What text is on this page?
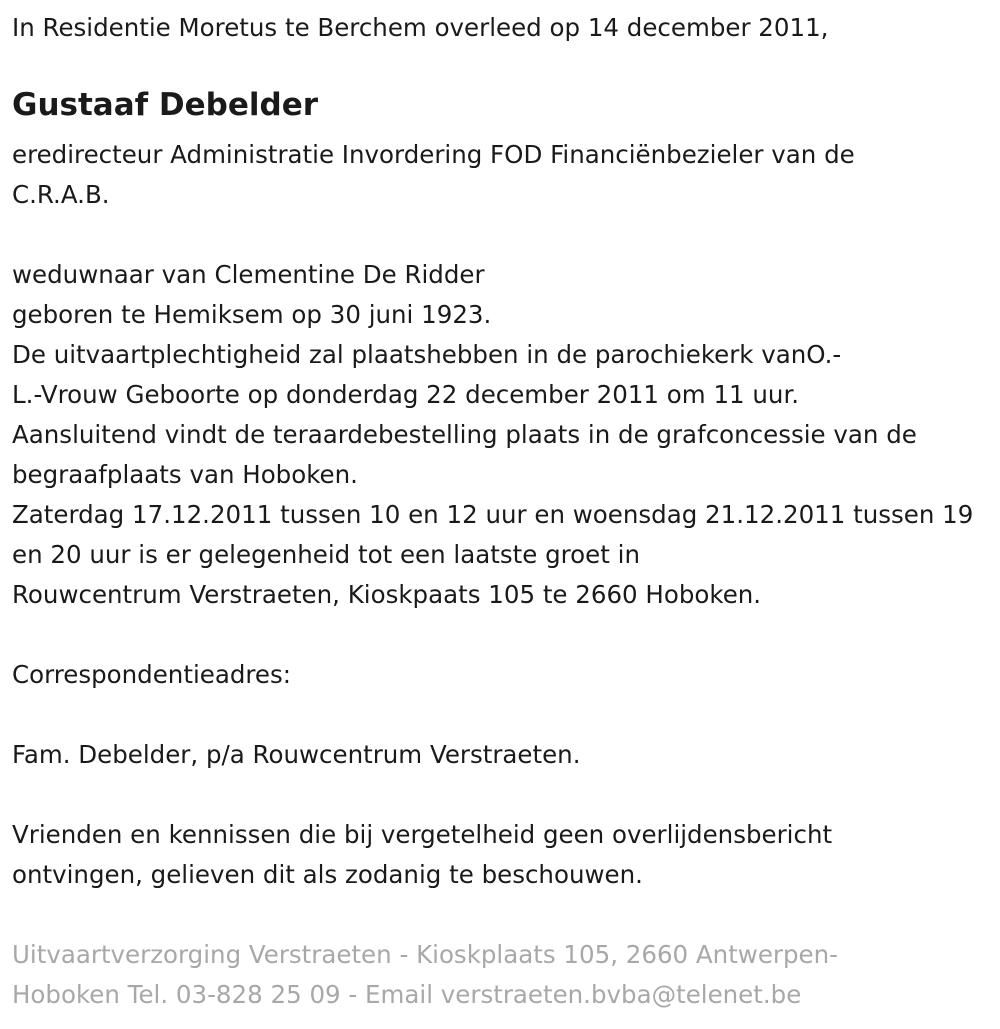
In Residentie Moretus te Berchem overleed op 14 december 2011,
Gustaaf Debelder
eredirecteur Administratie Invordering FOD Financiënbezieler van de
C.R.A.B.
weduwnaar van Clementine De Ridder
geboren te Hemiksem op 30 juni 1923.
De uitvaartplechtigheid zal plaatshebben in de parochiekerk vanO.-
L.-Vrouw Geboorte op donderdag 22 december 2011 om 11 uur.
Aansluitend vindt de teraardebestelling plaats in de grafconcessie van de
begraafplaats van Hoboken.
Zaterdag 17.12.2011 tussen 10 en 12 uur en woensdag 21.12.2011 tussen 19
en 20 uur is er gelegenheid tot een laatste groet in
Rouwcentrum Verstraeten, Kioskpaats 105 te 2660 Hoboken.
Correspondentieadres:
Fam. Debelder, p/a Rouwcentrum Verstraeten.
Vrienden en kennissen die bij vergetelheid geen overlijdensbericht
ontvingen, gelieven dit als zodanig te beschouwen.
Uitvaartverzorging Verstraeten - Kioskplaats 105, 2660 Antwerpen-
Hoboken Tel. 03-828 25 09 - Email verstraeten.bvba@telenet.be
